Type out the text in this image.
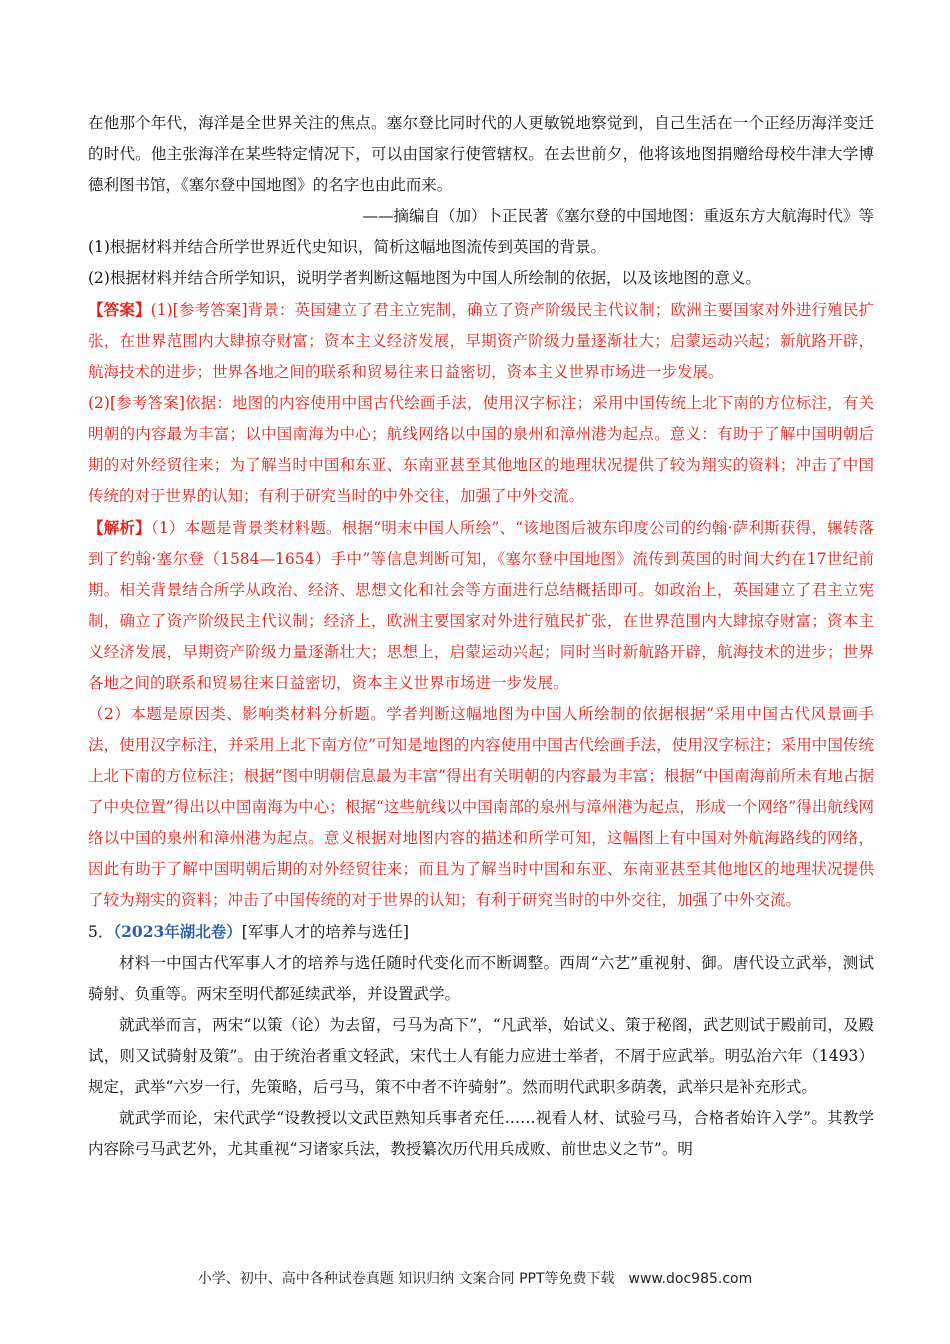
在他那个年代，海洋是全世界关注的焦点。塞尔登比同时代的人更敏锐地察觉到，自己生活在一个正经历海洋变迁的时代。他主张海洋在某些特定情况下，可以由国家行使管辖权。在去世前夕，他将该地图捐赠给母校牛津大学博德利图书馆，《塞尔登中国地图》的名字也由此而来。

——摘编自（加）卜正民著《塞尔登的中国地图：重返东方大航海时代》等

(1)根据材料并结合所学世界近代史知识，简析这幅地图流传到英国的背景。

(2)根据材料并结合所学知识，说明学者判断这幅地图为中国人所绘制的依据，以及该地图的意义。

【答案】(1)[参考答案]背景：英国建立了君主立宪制，确立了资产阶级民主代议制；欧洲主要国家对外进行殖民扩张，在世界范围内大肆掠夺财富；资本主义经济发展，早期资产阶级力量逐渐壮大；启蒙运动兴起；新航路开辟，航海技术的进步；世界各地之间的联系和贸易往来日益密切，资本主义世界市场进一步发展。

(2)[参考答案]依据：地图的内容使用中国古代绘画手法，使用汉字标注；采用中国传统上北下南的方位标注，有关明朝的内容最为丰富；以中国南海为中心；航线网络以中国的泉州和漳州港为起点。意义：有助于了解中国明朝后期的对外经贸往来；为了解当时中国和东亚、东南亚甚至其他地区的地理状况提供了较为翔实的资料；冲击了中国传统的对于世界的认知；有利于研究当时的中外交往，加强了中外交流。

【解析】（1）本题是背景类材料题。根据“明末中国人所绘”、“该地图后被东印度公司的约翰·萨利斯获得，辗转落到了约翰·塞尔登（1584—1654）手中”等信息判断可知，《塞尔登中国地图》流传到英国的时间大约在17世纪前期。相关背景结合所学从政治、经济、思想文化和社会等方面进行总结概括即可。如政治上，英国建立了君主立宪制，确立了资产阶级民主代议制；经济上，欧洲主要国家对外进行殖民扩张，在世界范围内大肆掠夺财富；资本主义经济发展，早期资产阶级力量逐渐壮大；思想上，启蒙运动兴起；同时当时新航路开辟，航海技术的进步；世界各地之间的联系和贸易往来日益密切，资本主义世界市场进一步发展。

（2）本题是原因类、影响类材料分析题。学者判断这幅地图为中国人所绘制的依据根据“采用中国古代风景画手法，使用汉字标注，并采用上北下南方位”可知是地图的内容使用中国古代绘画手法，使用汉字标注；采用中国传统上北下南的方位标注；根据“图中明朝信息最为丰富”得出有关明朝的内容最为丰富；根据“中国南海前所未有地占据了中央位置”得出以中国南海为中心；根据“这些航线以中国南部的泉州与漳州港为起点，形成一个网络”得出航线网络以中国的泉州和漳州港为起点。意义根据对地图内容的描述和所学可知，这幅图上有中国对外航海路线的网络，因此有助于了解中国明朝后期的对外经贸往来；而且为了解当时中国和东亚、东南亚甚至其他地区的地理状况提供了较为翔实的资料；冲击了中国传统的对于世界的认知；有利于研究当时的中外交往，加强了中外交流。

5．（2023年湖北卷）[军事人才的培养与选任]

材料一中国古代军事人才的培养与选任随时代变化而不断调整。西周“六艺”重视射、御。唐代设立武举，测试骑射、负重等。两宋至明代都延续武举，并设置武学。

就武举而言，两宋“以策（论）为去留，弓马为高下”，“凡武举，始试义、策于秘阁，武艺则试于殿前司，及殿试，则又试骑射及策”。由于统治者重文轻武，宋代士人有能力应进士举者，不屑于应武举。明弘治六年（1493）规定，武举“六岁一行，先策略，后弓马，策不中者不许骑射”。然而明代武职多荫袭，武举只是补充形式。

就武学而论，宋代武学“设教授以文武臣熟知兵事者充任……视看人材、试验弓马，合格者始许入学”。其教学内容除弓马武艺外，尤其重视“习诸家兵法，教授纂次历代用兵成败、前世忠义之节”。明

小学、初中、高中各种试卷真题 知识归纳 文案合同 PPT等免费下载 www.doc985.com
